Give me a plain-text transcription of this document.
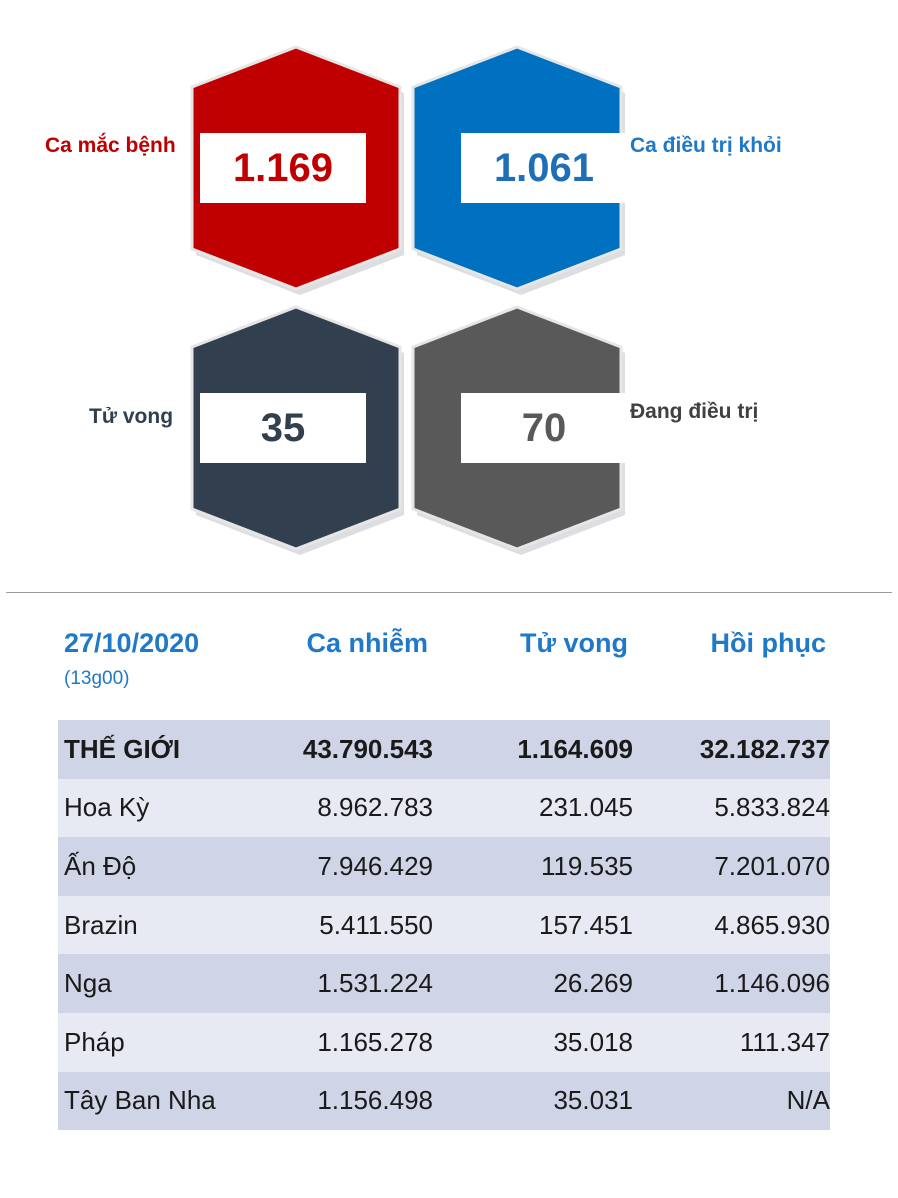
1.169
Ca mắc bệnh	1.061	Ca điều trị khỏi
35
Tử vong	70	Đang điều trị
27/10/2020
(13g00)
Ca nhiễm	Tử vong	Hồi phục
THẾ GIỚI	43.790.543	1.164.609	32.182.737
Hoa Kỳ	8.962.783	231.045	5.833.824
Ấn Độ	7.946.429	119.535	7.201.070
Brazin	5.411.550	157.451	4.865.930
Nga	1.531.224	26.269	1.146.096
Pháp	1.165.278	35.018	111.347
Tây Ban Nha	1.156.498	35.031	N/A
